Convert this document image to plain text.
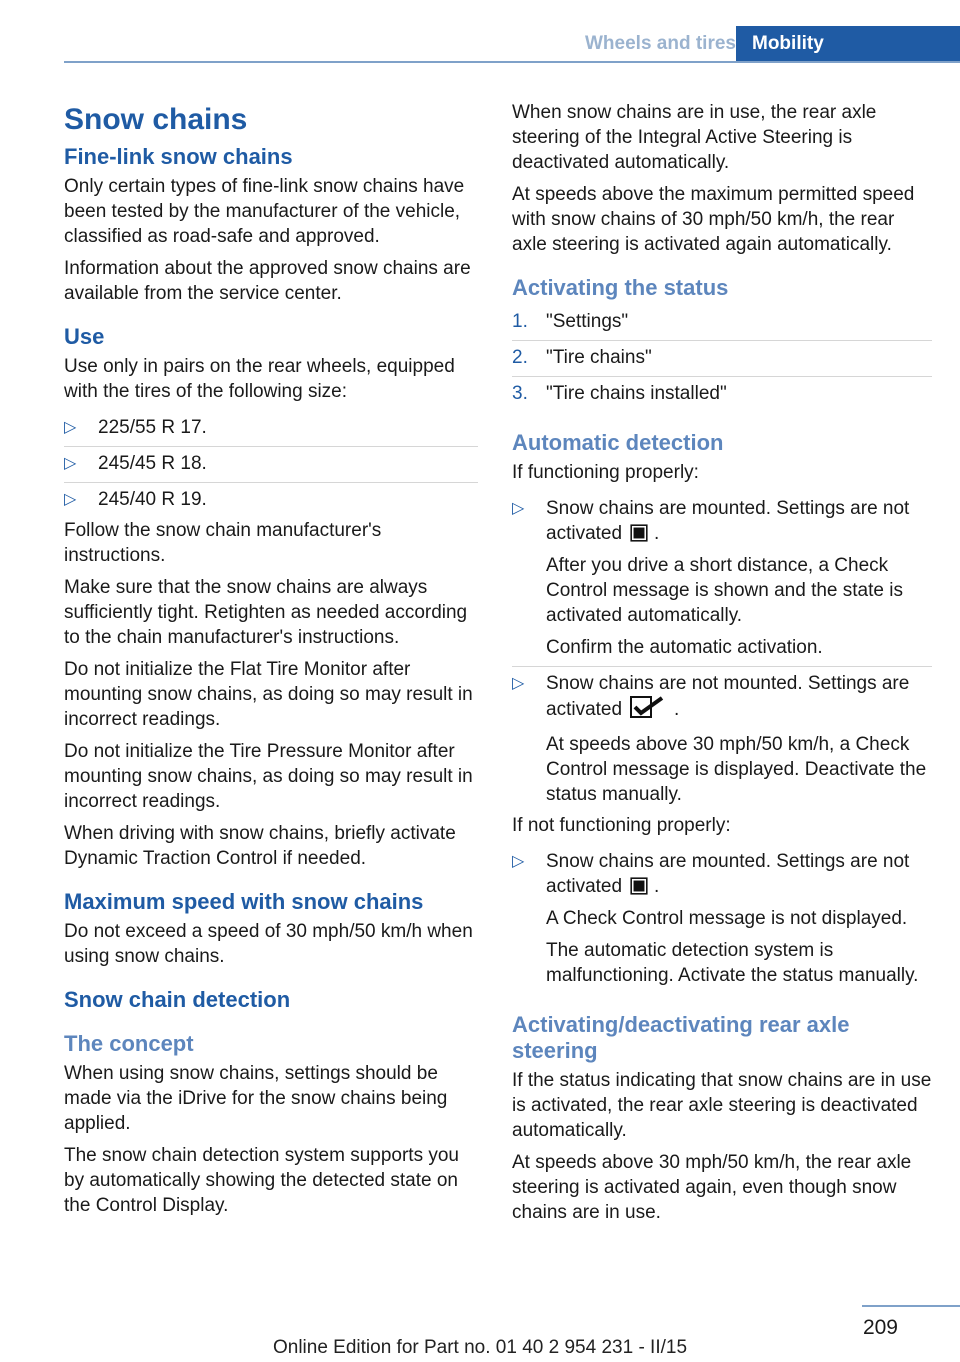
Wheels and tires Mobility
Snow chains
Fine-link snow chains

Only certain types of fine-link snow chains have been tested by the manufacturer of the vehicle, classified as road-safe and approved.

Information about the approved snow chains are available from the service center.

Use

Use only in pairs on the rear wheels, equipped with the tires of the following size:

▷ 225/55 R 17.
▷ 245/45 R 18.
▷ 245/40 R 19.

Follow the snow chain manufacturer's instructions.

Make sure that the snow chains are always sufficiently tight. Retighten as needed according to the chain manufacturer's instructions.

Do not initialize the Flat Tire Monitor after mounting snow chains, as doing so may result in incorrect readings.

Do not initialize the Tire Pressure Monitor after mounting snow chains, as doing so may result in incorrect readings.

When driving with snow chains, briefly activate Dynamic Traction Control if needed.

Maximum speed with snow chains

Do not exceed a speed of 30 mph/50 km/h when using snow chains.

Snow chain detection
The concept

When using snow chains, settings should be made via the iDrive for the snow chains being applied.

The snow chain detection system supports you by automatically showing the detected state on the Control Display.

When snow chains are in use, the rear axle steering of the Integral Active Steering is deactivated automatically.

At speeds above the maximum permitted speed with snow chains of 30 mph/50 km/h, the rear axle steering is activated again automatically.

Activating the status
1. "Settings"
2. "Tire chains"
3. "Tire chains installed"
Automatic detection

If functioning properly:

▷ Snow chains are mounted. Settings are not activated .
After you drive a short distance, a Check Control message is shown and the state is activated automatically.
Confirm the automatic activation.
▷ Snow chains are not mounted. Settings are activated	.
At speeds above 30 mph/50 km/h, a Check Control message is displayed. Deactivate the status manually.

If not functioning properly:

▷ Snow chains are mounted. Settings are not activated .
A Check Control message is not displayed.
The automatic detection system is malfunctioning. Activate the status manually.
Activating/deactivating rear axle steering

If the status indicating that snow chains are in use is activated, the rear axle steering is deactivated automatically.

At speeds above 30 mph/50 km/h, the rear axle steering is activated again, even though snow chains are in use.

209
Online Edition for Part no. 01 40 2 954 231 - II/15
